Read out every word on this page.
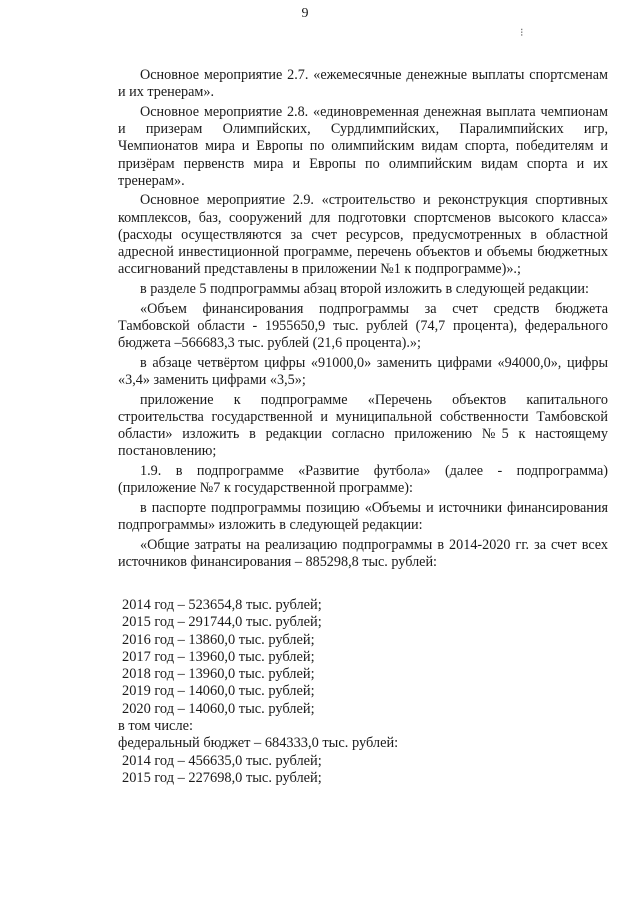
9
⁝

Основное мероприятие 2.7. «ежемесячные денежные выплаты спортсменам и их тренерам».

Основное мероприятие 2.8. «единовременная денежная выплата чемпионам и призерам Олимпийских, Сурдлимпийских, Паралимпийских игр, Чемпионатов мира и Европы по олимпийским видам спорта, победителям и призёрам первенств мира и Европы по олимпийским видам спорта и их тренерам».

Основное мероприятие 2.9. «строительство и реконструкция спортивных комплексов, баз, сооружений для подготовки спортсменов высокого класса» (расходы осуществляются за счет ресурсов, предусмотренных в областной адресной инвестиционной программе, перечень объектов и объемы бюджетных ассигнований представлены в приложении №1 к подпрограмме)».;

в разделе 5 подпрограммы абзац второй изложить в следующей редакции:

«Объем финансирования подпрограммы за счет средств бюджета Тамбовской области - 1955650,9 тыс. рублей (74,7 процента), федерального бюджета –566683,3 тыс. рублей (21,6 процента).»;

в абзаце четвёртом цифры «91000,0» заменить цифрами «94000,0», цифры «3,4» заменить цифрами «3,5»;

приложение к подпрограмме «Перечень объектов капитального строительства государственной и муниципальной собственности Тамбовской области» изложить в редакции согласно приложению №5 к настоящему постановлению;

1.9. в подпрограмме «Развитие футбола» (далее - подпрограмма) (приложение №7 к государственной программе):

в паспорте подпрограммы позицию «Объемы и источники финансирования подпрограммы» изложить в следующей редакции:

«Общие затраты на реализацию подпрограммы в 2014-2020 гг. за счет всех источников финансирования – 885298,8 тыс. рублей:

2014 год – 523654,8 тыс. рублей;
2015 год – 291744,0 тыс. рублей;
2016 год – 13860,0 тыс. рублей;
2017 год – 13960,0 тыс. рублей;
2018 год – 13960,0 тыс. рублей;
2019 год – 14060,0 тыс. рублей;
2020 год – 14060,0 тыс. рублей;
в том числе:
федеральный бюджет – 684333,0 тыс. рублей:
2014 год – 456635,0 тыс. рублей;
2015 год – 227698,0 тыс. рублей;
